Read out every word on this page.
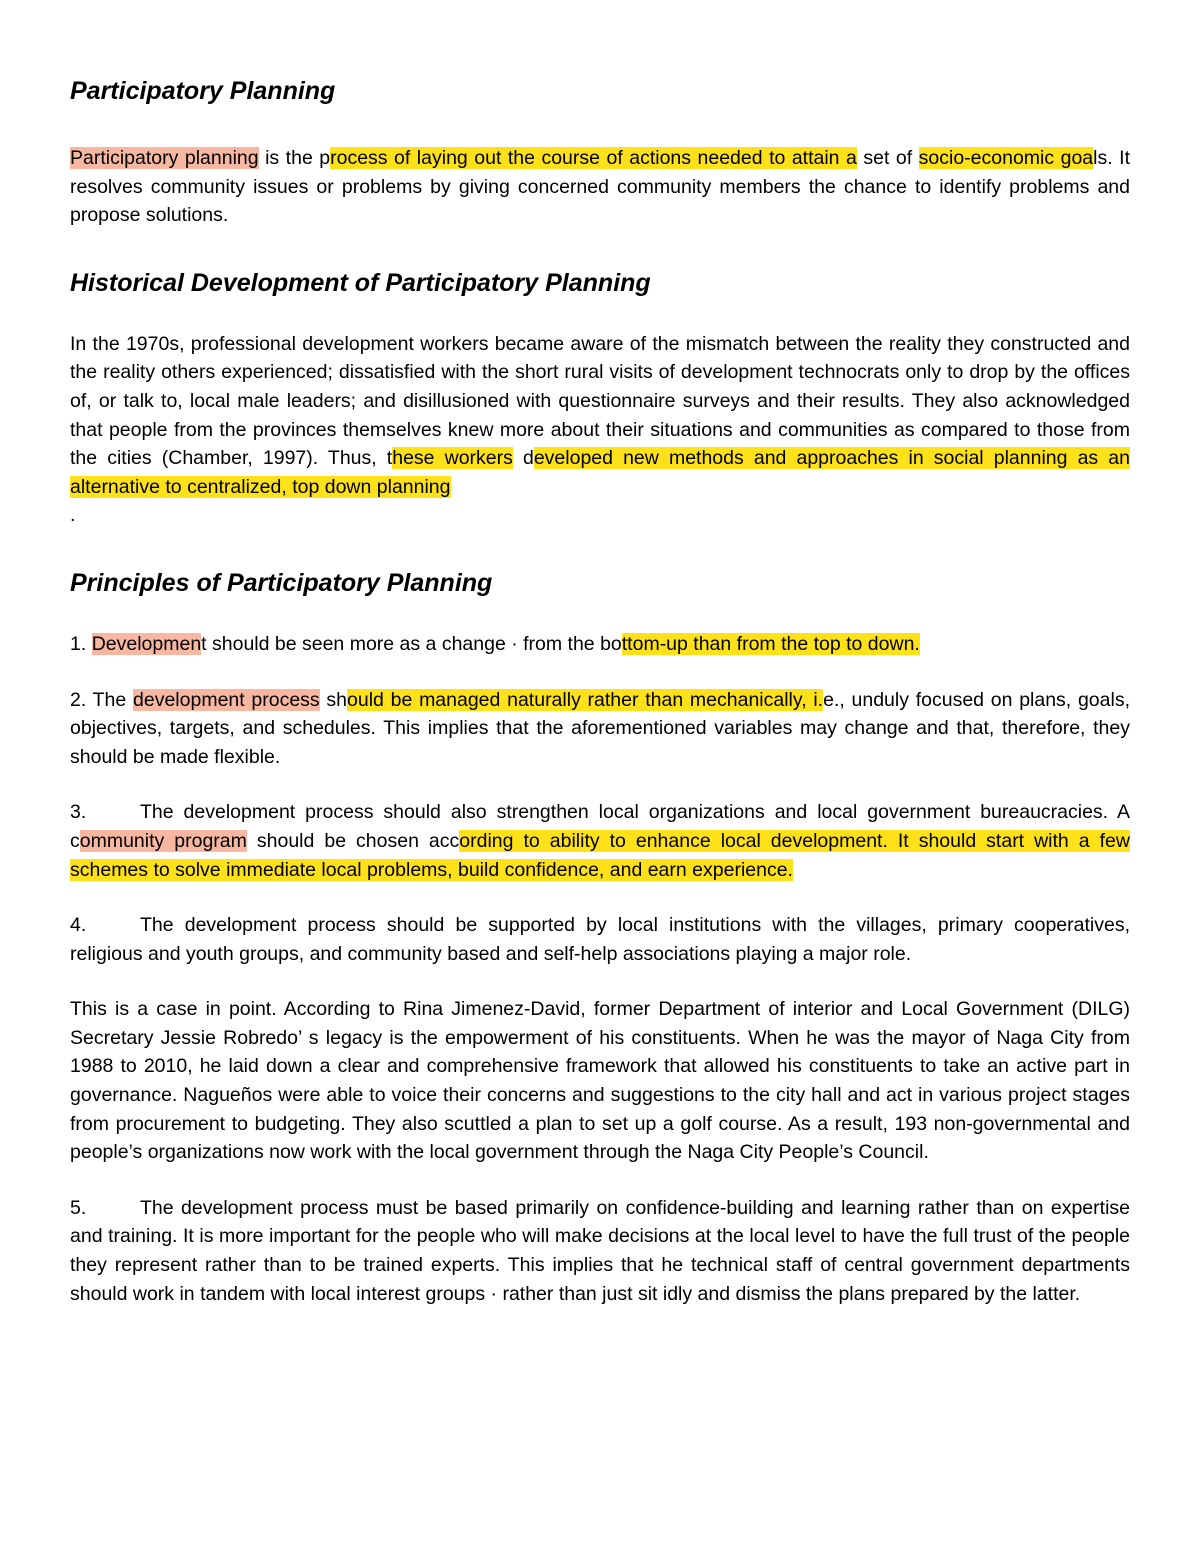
Participatory Planning

Participatory planning is the process of laying out the course of actions needed to attain a set of socio-economic goals. It resolves community issues or problems by giving concerned community members the chance to identify problems and propose solutions.

Historical Development of Participatory Planning

In the 1970s, professional development workers became aware of the mismatch between the reality they constructed and the reality others experienced; dissatisfied with the short rural visits of development technocrats only to drop by the offices of, or talk to, local male leaders; and disillusioned with questionnaire surveys and their results. They also acknowledged that people from the provinces themselves knew more about their situations and communities as compared to those from the cities (Chamber, 1997). Thus, these workers developed new methods and approaches in social planning as an alternative to centralized, top down planning
.

Principles of Participatory Planning

1. Development should be seen more as a change · from the bottom-up than from the top to down.

2. The development process should be managed naturally rather than mechanically, i.e., unduly focused on plans, goals, objectives, targets, and schedules. This implies that the aforementioned variables may change and that, therefore, they should be made flexible.

3.	The development process should also strengthen local organizations and local government bureaucracies. A community program should be chosen according to ability to enhance local development. It should start with a few schemes to solve immediate local problems, build confidence, and earn experience.

4.	The development process should be supported by local institutions with the villages, primary cooperatives, religious and youth groups, and community based and self-help associations playing a major role.

This is a case in point. According to Rina Jimenez-David, former Department of interior and Local Government (DILG) Secretary Jessie Robredo’ s legacy is the empowerment of his constituents. When he was the mayor of Naga City from 1988 to 2010, he laid down a clear and comprehensive framework that allowed his constituents to take an active part in governance. Nagueños were able to voice their concerns and suggestions to the city hall and act in various project stages from procurement to budgeting. They also scuttled a plan to set up a golf course. As a result, 193 non-governmental and people’s organizations now work with the local government through the Naga City People’s Council.

5.	The development process must be based primarily on confidence-building and learning rather than on expertise and training. It is more important for the people who will make decisions at the local level to have the full trust of the people they represent rather than to be trained experts. This implies that he technical staff of central government departments should work in tandem with local interest groups · rather than just sit idly and dismiss the plans prepared by the latter.
